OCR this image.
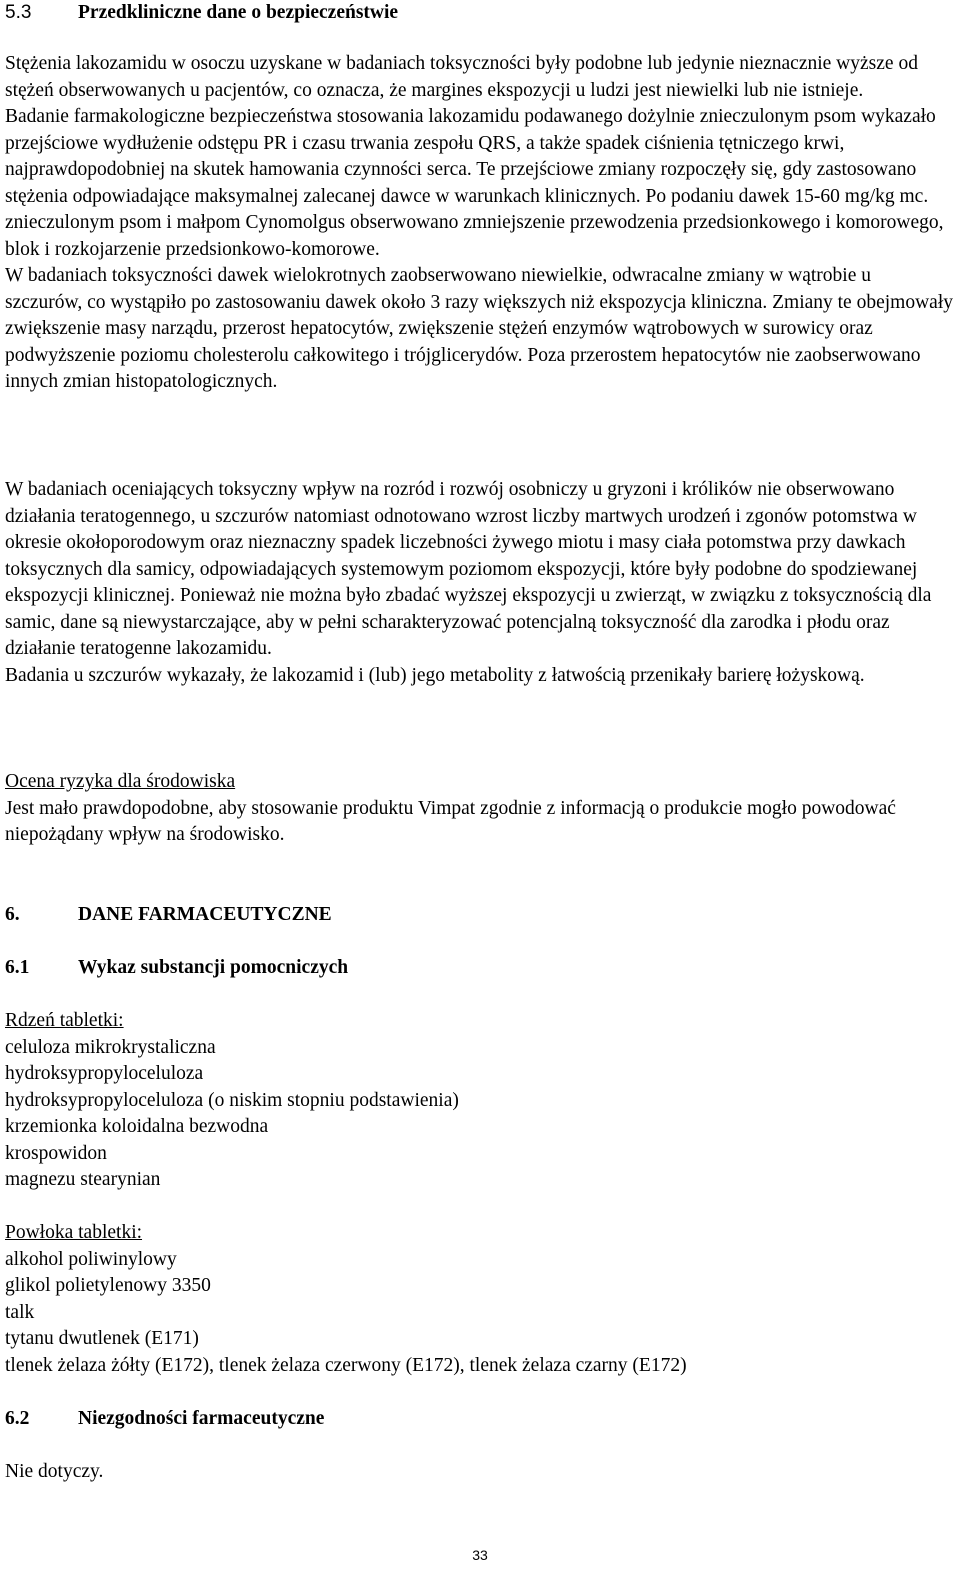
5.3	Przedkliniczne dane o bezpieczeństwie

Stężenia lakozamidu w osoczu uzyskane w badaniach toksyczności były podobne lub jedynie nieznacznie wyższe od stężeń obserwowanych u pacjentów, co oznacza, że margines ekspozycji u ludzi jest niewielki lub nie istnieje.

Badanie farmakologiczne bezpieczeństwa stosowania lakozamidu podawanego dożylnie znieczulonym psom wykazało przejściowe wydłużenie odstępu PR i czasu trwania zespołu QRS, a także spadek ciśnienia tętniczego krwi, najprawdopodobniej na skutek hamowania czynności serca. Te przejściowe zmiany rozpoczęły się, gdy zastosowano stężenia odpowiadające maksymalnej zalecanej dawce w warunkach klinicznych. Po podaniu dawek 15-60 mg/kg mc. znieczulonym psom i małpom Cynomolgus obserwowano zmniejszenie przewodzenia przedsionkowego i komorowego, blok i rozkojarzenie przedsionkowo-komorowe.

W badaniach toksyczności dawek wielokrotnych zaobserwowano niewielkie, odwracalne zmiany w wątrobie u szczurów, co wystąpiło po zastosowaniu dawek około 3 razy większych niż ekspozycja kliniczna. Zmiany te obejmowały zwiększenie masy narządu, przerost hepatocytów, zwiększenie stężeń enzymów wątrobowych w surowicy oraz podwyższenie poziomu cholesterolu całkowitego i trójglicerydów. Poza przerostem hepatocytów nie zaobserwowano innych zmian histopatologicznych.

W badaniach oceniających toksyczny wpływ na rozród i rozwój osobniczy u gryzoni i królików nie obserwowano działania teratogennego, u szczurów natomiast odnotowano wzrost liczby martwych urodzeń i zgonów potomstwa w okresie okołoporodowym oraz nieznaczny spadek liczebności żywego miotu i masy ciała potomstwa przy dawkach toksycznych dla samicy, odpowiadających systemowym poziomom ekspozycji, które były podobne do spodziewanej ekspozycji klinicznej. Ponieważ nie można było zbadać wyższej ekspozycji u zwierząt, w związku z toksycznością dla samic, dane są niewystarczające, aby w pełni scharakteryzować potencjalną toksyczność dla zarodka i płodu oraz działanie teratogenne lakozamidu.

Badania u szczurów wykazały, że lakozamid i (lub) jego metabolity z łatwością przenikały barierę łożyskową.

Ocena ryzyka dla środowiska

Jest mało prawdopodobne, aby stosowanie produktu Vimpat zgodnie z informacją o produkcie mogło powodować niepożądany wpływ na środowisko.

6.	DANE FARMACEUTYCZNE
6.1	Wykaz substancji pomocniczych

Rdzeń tabletki:

celuloza mikrokrystaliczna
hydroksypropyloceluloza
hydroksypropyloceluloza (o niskim stopniu podstawienia)
krzemionka koloidalna bezwodna
krospowidon
magnezu stearynian

Powłoka tabletki:

alkohol poliwinylowy
glikol polietylenowy 3350
talk
tytanu dwutlenek (E171)
tlenek żelaza żółty (E172), tlenek żelaza czerwony (E172), tlenek żelaza czarny (E172)
6.2	Niezgodności farmaceutyczne

Nie dotyczy.

33
